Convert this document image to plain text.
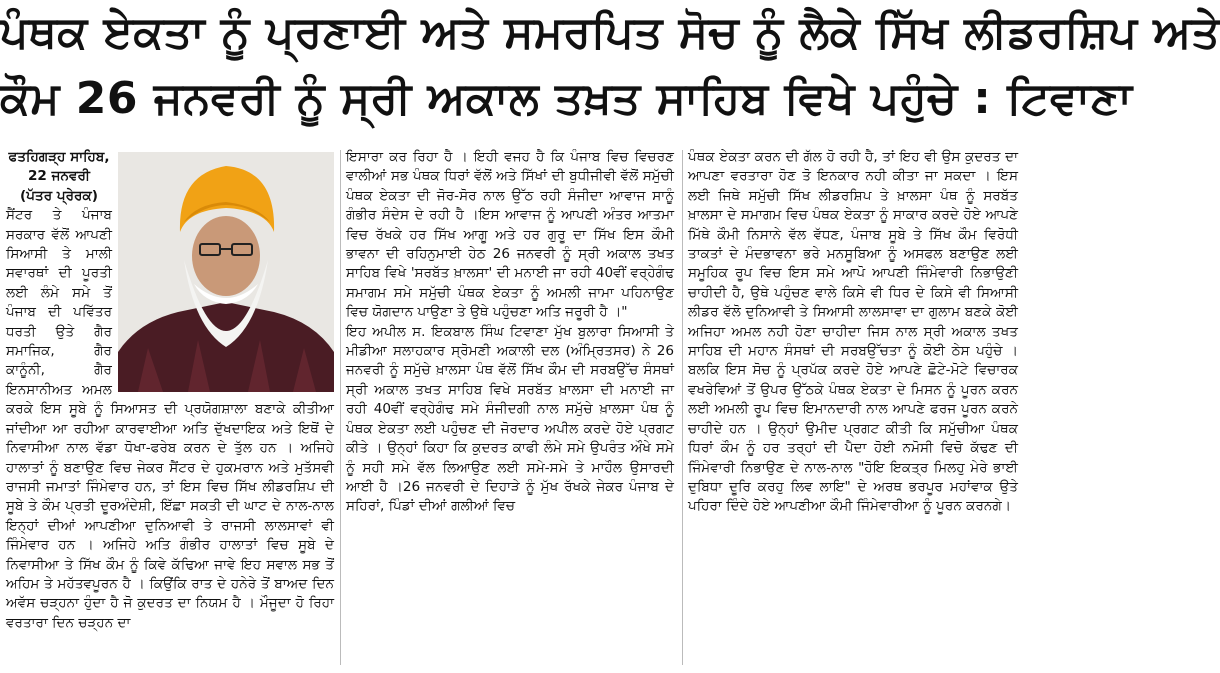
ਪੰਥਕ ਏਕਤਾ ਨੂੰ ਪ੍ਰਣਾਈ ਅਤੇ ਸਮਰਪਿਤ ਸੋਚ ਨੂੰ ਲੈਕੇ ਸਿੱਖ ਲੀਡਰਸ਼ਿਪ ਅਤੇ
ਕੌਮ 26 ਜਨਵਰੀ ਨੂੰ ਸ੍ਰੀ ਅਕਾਲ ਤਖ਼ਤ ਸਾਹਿਬ ਵਿਖੇ ਪਹੁੰਚੇ : ਟਿਵਾਣਾ
ਫਤਹਿਗੜ੍ਹ ਸਾਹਿਬ, 22 ਜਨਵਰੀ
(ਪੱਤਰ ਪ੍ਰੇਰਕ)

ਸੈਂਟਰ ਤੇ ਪੰਜਾਬ ਸਰਕਾਰ ਵੱਲੋਂ ਆਪਣੀ ਸਿਆਸੀ ਤੇ ਮਾਲੀ ਸਵਾਰਥਾਂ ਦੀ ਪੂਰਤੀ ਲਈ ਲੰਮੇ ਸਮੇ ਤੋਂ ਪੰਜਾਬ ਦੀ ਪਵਿੱਤਰ ਧਰਤੀ ਉਤੇ ਗੈਰ ਸਮਾਜਿਕ, ਗੈਰ ਕਾਨੂੰਨੀ, ਗੈਰ ਇਨਸਾਨੀਅਤ ਅਮਲ ਕਰਕੇ ਇਸ ਸੂਬੇ ਨੂੰ ਸਿਆਸਤ ਦੀ ਪ੍ਰਯੋਗਸ਼ਾਲਾ ਬਣਾਕੇ ਕੀਤੀਆ ਜਾਂਦੀਆ ਆ ਰਹੀਆ ਕਾਰਵਾਈਆ ਅਤਿ ਦੁੱਖਦਾਇਕ ਅਤੇ ਇਥੋਂ ਦੇ ਨਿਵਾਸੀਆ ਨਾਲ ਵੱਡਾ ਧੋਖਾ-ਫਰੇਬ ਕਰਨ ਦੇ ਤੁੱਲ ਹਨ । ਅਜਿਹੇ ਹਾਲਾਤਾਂ ਨੂੰ ਬਣਾਉਣ ਵਿਚ ਜੇਕਰ ਸੈਂਟਰ ਦੇ ਹੁਕਮਰਾਨ ਅਤੇ ਮੁਤੱਸਵੀ ਰਾਜਸੀ ਜਮਾਤਾਂ ਜਿੰਮੇਵਾਰ ਹਨ, ਤਾਂ ਇਸ ਵਿਚ ਸਿੱਖ ਲੀਡਰਸ਼ਿਪ ਦੀ ਸੂਬੇ ਤੇ ਕੌਮ ਪ੍ਰਤੀ ਦੂਰਅੰਦੇਸ਼ੀ, ਇੱਛਾ ਸਕਤੀ ਦੀ ਘਾਟ ਦੇ ਨਾਲ-ਨਾਲ ਇਨ੍ਹਾਂ ਦੀਆਂ ਆਪਣੀਆ ਦੁਨਿਆਵੀ ਤੇ ਰਾਜਸੀ ਲਾਲਸਾਵਾਂ ਵੀ ਜਿੰਮੇਵਾਰ ਹਨ । ਅਜਿਹੇ ਅਤਿ ਗੰਭੀਰ ਹਾਲਾਤਾਂ ਵਿਚ ਸੂਬੇ ਦੇ ਨਿਵਾਸੀਆ ਤੇ ਸਿੱਖ ਕੌਮ ਨੂੰ ਕਿਵੇ ਕੱਢਿਆ ਜਾਵੇ ਇਹ ਸਵਾਲ ਸਭ ਤੋਂ ਅਹਿਮ ਤੇ ਮਹੱਤਵਪੂਰਨ ਹੈ । ਕਿਉਂਕਿ ਰਾਤ ਦੇ ਹਨੇਰੇ ਤੋਂ ਬਾਅਦ ਦਿਨ ਅਵੱਸ ਚੜ੍ਹਨਾ ਹੁੰਦਾ ਹੈ ਜੋ ਕੁਦਰਤ ਦਾ ਨਿਯਮ ਹੈ । ਮੌਜੂਦਾ ਹੋ ਰਿਹਾ ਵਰਤਾਰਾ ਦਿਨ ਚੜ੍ਹਨ ਦਾ

ਇਸਾਰਾ ਕਰ ਰਿਹਾ ਹੈ । ਇਹੀ ਵਜਹ ਹੈ ਕਿ ਪੰਜਾਬ ਵਿਚ ਵਿਚਰਣ ਵਾਲੀਆਂ ਸਭ ਪੰਥਕ ਧਿਰਾਂ ਵੱਲੋਂ ਅਤੇ ਸਿੱਖਾਂ ਦੀ ਬੁਧੀਜੀਵੀ ਵੱਲੋਂ ਸਮੁੱਚੀ ਪੰਥਕ ਏਕਤਾ ਦੀ ਜੋਰ-ਸੋਰ ਨਾਲ ਉੱਠ ਰਹੀ ਸੰਜੀਦਾ ਆਵਾਜ ਸਾਨੂੰ ਗੰਭੀਰ ਸੰਦੇਸ ਦੇ ਰਹੀ ਹੈ ।ਇਸ ਆਵਾਜ ਨੂੰ ਆਪਣੀ ਅੰਤਰ ਆਤਮਾ ਵਿਚ ਰੱਖਕੇ ਹਰ ਸਿੱਖ ਆਗੂ ਅਤੇ ਹਰ ਗੁਰੂ ਦਾ ਸਿੱਖ ਇਸ ਕੌਮੀ ਭਾਵਨਾ ਦੀ ਰਹਿਨੁਮਾਈ ਹੇਠ 26 ਜਨਵਰੀ ਨੂੰ ਸ੍ਰੀ ਅਕਾਲ ਤਖਤ ਸਾਹਿਬ ਵਿਖੇ 'ਸਰਬੱਤ ਖ਼ਾਲਸਾ' ਦੀ ਮਨਾਈ ਜਾ ਰਹੀ 40ਵੀਂ ਵਰ੍ਹੇਗੰਢ ਸਮਾਗਮ ਸਮੇ ਸਮੁੱਚੀ ਪੰਥਕ ਏਕਤਾ ਨੂੰ ਅਮਲੀ ਜਾਮਾ ਪਹਿਨਾਉਣ ਵਿਚ ਯੋਗਦਾਨ ਪਾਉਣਾ ਤੇ ਉਥੇ ਪਹੁੰਚਣਾ ਅਤਿ ਜਰੂਰੀ ਹੈ ।"

ਇਹ ਅਪੀਲ ਸ. ਇਕਬਾਲ ਸਿੰਘ ਟਿਵਾਣਾ ਮੁੱਖ ਬੁਲਾਰਾ ਸਿਆਸੀ ਤੇ ਮੀਡੀਆ ਸਲਾਹਕਾਰ ਸ੍ਰੋਮਣੀ ਅਕਾਲੀ ਦਲ (ਅੰਮ੍ਰਿਤਸਰ) ਨੇ 26 ਜਨਵਰੀ ਨੂੰ ਸਮੁੱਚੇ ਖ਼ਾਲਸਾ ਪੰਥ ਵੱਲੋਂ ਸਿੱਖ ਕੌਮ ਦੀ ਸਰਬਉੱਚ ਸੰਸਥਾਂ ਸ੍ਰੀ ਅਕਾਲ ਤਖਤ ਸਾਹਿਬ ਵਿਖੇ ਸਰਬੱਤ ਖ਼ਾਲਸਾ ਦੀ ਮਨਾਈ ਜਾ ਰਹੀ 40ਵੀਂ ਵਰ੍ਹੇਗੰਢ ਸਮੇ ਸੰਜੀਦਗੀ ਨਾਲ ਸਮੁੱਚੇ ਖ਼ਾਲਸਾ ਪੰਥ ਨੂੰ ਪੰਥਕ ਏਕਤਾ ਲਈ ਪਹੁੰਚਣ ਦੀ ਜੋਰਦਾਰ ਅਪੀਲ ਕਰਦੇ ਹੋਏ ਪ੍ਰਗਟ ਕੀਤੇ । ਉਨ੍ਹਾਂ ਕਿਹਾ ਕਿ ਕੁਦਰਤ ਕਾਫੀ ਲੰਮੇ ਸਮੇ ਉਪਰੰਤ ਔਖੇ ਸਮੇ ਨੂੰ ਸਹੀ ਸਮੇ ਵੱਲ ਲਿਆਉਣ ਲਈ ਸਮੇ-ਸਮੇ ਤੇ ਮਾਹੌਲ ਉਸਾਰਦੀ ਆਈ ਹੈ ।26 ਜਨਵਰੀ ਦੇ ਦਿਹਾੜੇ ਨੂੰ ਮੁੱਖ ਰੱਖਕੇ ਜੇਕਰ ਪੰਜਾਬ ਦੇ ਸਹਿਰਾਂ, ਪਿੰਡਾਂ ਦੀਆਂ ਗਲੀਆਂ ਵਿਚ

ਪੰਥਕ ਏਕਤਾ ਕਰਨ ਦੀ ਗੱਲ ਹੋ ਰਹੀ ਹੈ, ਤਾਂ ਇਹ ਵੀ ਉਸ ਕੁਦਰਤ ਦਾ ਆਪਣਾ ਵਰਤਾਰਾ ਹੋਣ ਤੋ ਇਨਕਾਰ ਨਹੀ ਕੀਤਾ ਜਾ ਸਕਦਾ । ਇਸ ਲਈ ਜਿਥੇ ਸਮੁੱਚੀ ਸਿੱਖ ਲੀਡਰਸ਼ਿਪ ਤੇ ਖ਼ਾਲਸਾ ਪੰਥ ਨੂੰ ਸਰਬੱਤ ਖ਼ਾਲਸਾ ਦੇ ਸਮਾਗਮ ਵਿਚ ਪੰਥਕ ਏਕਤਾ ਨੂੰ ਸਾਕਾਰ ਕਰਦੇ ਹੋਏ ਆਪਣੇ ਮਿੱਥੇ ਕੌਮੀ ਨਿਸਾਨੇ ਵੱਲ ਵੱਧਣ, ਪੰਜਾਬ ਸੂਬੇ ਤੇ ਸਿੱਖ ਕੌਮ ਵਿਰੋਧੀ ਤਾਕਤਾਂ ਦੇ ਮੰਦਭਾਵਨਾ ਭਰੇ ਮਨਸੂਬਿਆ ਨੂੰ ਅਸਫਲ ਬਣਾਉਣ ਲਈ ਸਮੂਹਿਕ ਰੂਪ ਵਿਚ ਇਸ ਸਮੇ ਆਪੋ ਆਪਣੀ ਜਿੰਮੇਵਾਰੀ ਨਿਭਾਉਣੀ ਚਾਹੀਦੀ ਹੈ, ਉਥੇ ਪਹੁੰਚਣ ਵਾਲੇ ਕਿਸੇ ਵੀ ਧਿਰ ਦੇ ਕਿਸੇ ਵੀ ਸਿਆਸੀ ਲੀਡਰ ਵੱਲੋ ਦੁਨਿਆਵੀ ਤੇ ਸਿਆਸੀ ਲਾਲਸਾਵਾ ਦਾ ਗੁਲਾਮ ਬਣਕੇ ਕੋਈ ਅਜਿਹਾ ਅਮਲ ਨਹੀ ਹੋਣਾ ਚਾਹੀਦਾ ਜਿਸ ਨਾਲ ਸ੍ਰੀ ਅਕਾਲ ਤਖਤ ਸਾਹਿਬ ਦੀ ਮਹਾਨ ਸੰਸਥਾਂ ਦੀ ਸਰਬਉੱਚਤਾ ਨੂੰ ਕੋਈ ਠੇਸ ਪਹੁੰਚੇ । ਬਲਕਿ ਇਸ ਸੋਚ ਨੂੰ ਪ੍ਰਪੱਕ ਕਰਦੇ ਹੋਏ ਆਪਣੇ ਛੋਟੇ-ਮੋਟੇ ਵਿਚਾਰਕ ਵਖਰੇਵਿਆਂ ਤੋਂ ਉਪਰ ਉੱਠਕੇ ਪੰਥਕ ਏਕਤਾ ਦੇ ਮਿਸਨ ਨੂੰ ਪੂਰਨ ਕਰਨ ਲਈ ਅਮਲੀ ਰੂਪ ਵਿਚ ਇਮਾਨਦਾਰੀ ਨਾਲ ਆਪਣੇ ਫਰਜ ਪੂਰਨ ਕਰਨੇ ਚਾਹੀਦੇ ਹਨ । ਉਨ੍ਹਾਂ ਉਮੀਦ ਪ੍ਰਗਟ ਕੀਤੀ ਕਿ ਸਮੁੱਚੀਆ ਪੰਥਕ ਧਿਰਾਂ ਕੌਮ ਨੂੰ ਹਰ ਤਰ੍ਹਾਂ ਦੀ ਪੈਦਾ ਹੋਈ ਨਮੋਸੀ ਵਿਚੋ ਕੱਢਣ ਦੀ ਜਿੰਮੇਵਾਰੀ ਨਿਭਾਉਣ ਦੇ ਨਾਲ-ਨਾਲ "ਹੋਇ ਇਕਤ੍ਰ ਮਿਲਹੁ ਮੇਰੇ ਭਾਈ ਦੁਬਿਧਾ ਦੂਰਿ ਕਰਹੁ ਲਿਵ ਲਾਇ" ਦੇ ਅਰਥ ਭਰਪੂਰ ਮਹਾਂਵਾਕ ਉਤੇ ਪਹਿਰਾ ਦਿੰਦੇ ਹੋਏ ਆਪਣੀਆ ਕੌਮੀ ਜਿੰਮੇਵਾਰੀਆ ਨੂੰ ਪੂਰਨ ਕਰਨਗੇ।
